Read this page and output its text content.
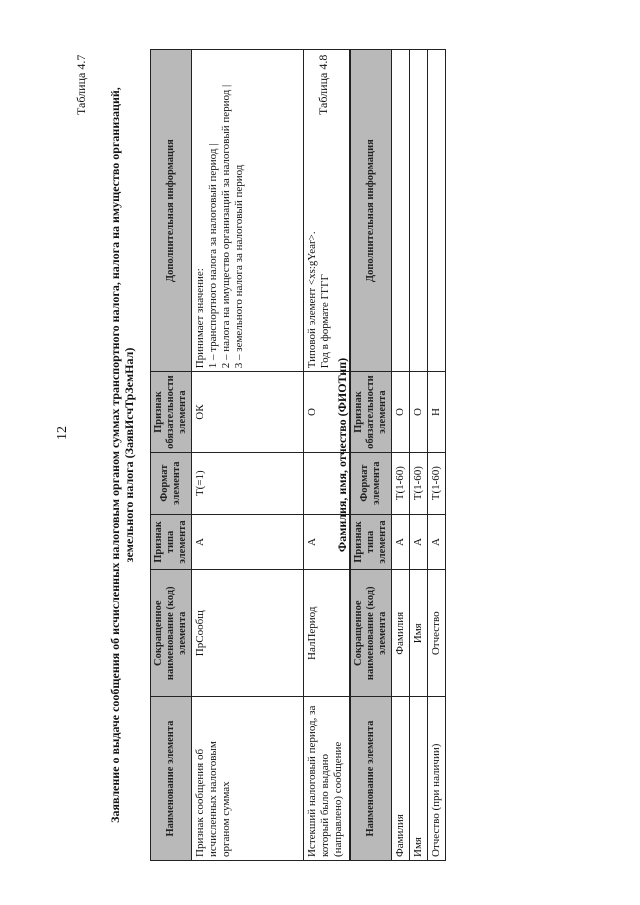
12
Таблица 4.7
Заявление о выдаче сообщения об исчисленных налоговым органом суммах транспортного налога, налога на имущество организаций, земельного налога (ЗаявИсчТрЗемНал)
Наименование элемента	Сокращенное наименование (код) элемента	Признак типа элемента	Формат элемента	Признак обязательности элемента	Дополнительная информация
Признак сообщения об исчисленных налоговым органом суммах	ПрСообщ	А	T(=1)	ОК	Принимает значение: 1 – транспортного налога за налоговый период | 2 – налога на имущество организаций за налоговый период | 3 – земельного налога за налоговый период

Истекший налоговый период, за который было выдано (направлено) сообщение	НалПериод	А		О	Типовой элемент <xs:gYear>. Год в формате ГГГГ
Таблица 4.8
Фамилия, имя, отчество (ФИОТип)
Наименование элемента	Сокращенное наименование (код) элемента	Признак типа элемента	Формат элемента	Признак обязательности элемента	Дополнительная информация
Фамилия	Фамилия	А	T(1-60)	О	
Имя	Имя	А	T(1-60)	О	
Отчество (при наличии)	Отчество	А	T(1-60)	Н	
